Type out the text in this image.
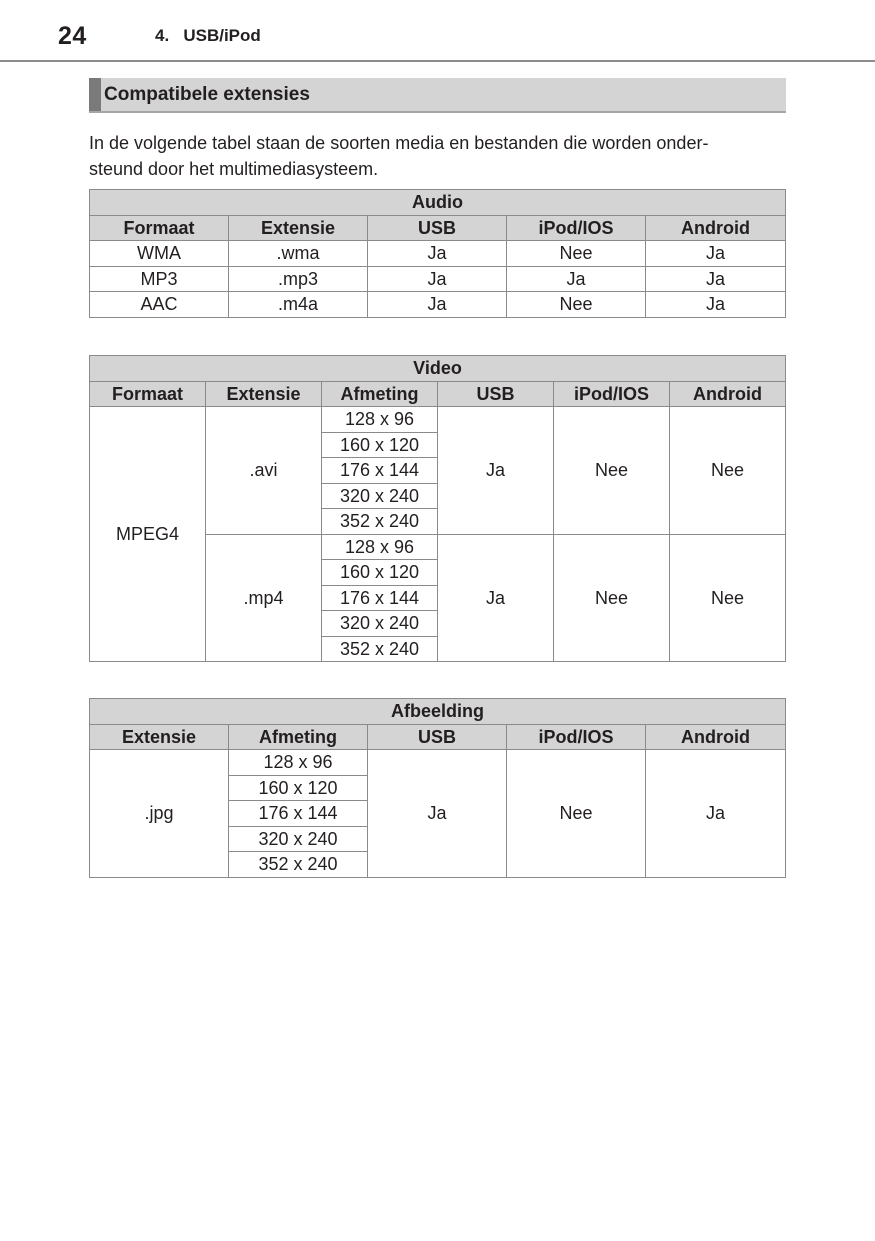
24	4.   USB/iPod
Compatibele extensies
In de volgende tabel staan de soorten media en bestanden die worden onder-
steund door het multimediasysteem.
Audio				
Formaat	Extensie	USB	iPod/IOS	Android
WMA	.wma	Ja	Nee	Ja
MP3	.mp3	Ja	Ja	Ja
AAC	.m4a	Ja	Nee	Ja
Video					
Formaat	Extensie	Afmeting	USB	iPod/IOS	Android
MPEG4	.avi	128 x 96	Ja	Nee	Nee
		160 x 120			
		176 x 144			
		320 x 240			
		352 x 240			
	.mp4	128 x 96	Ja	Nee	Nee
		160 x 120			
		176 x 144			
		320 x 240			
		352 x 240			
Afbeelding				
Extensie	Afmeting	USB	iPod/IOS	Android
.jpg	128 x 96	Ja	Nee	Ja
	160 x 120			
	176 x 144			
	320 x 240			
	352 x 240			
